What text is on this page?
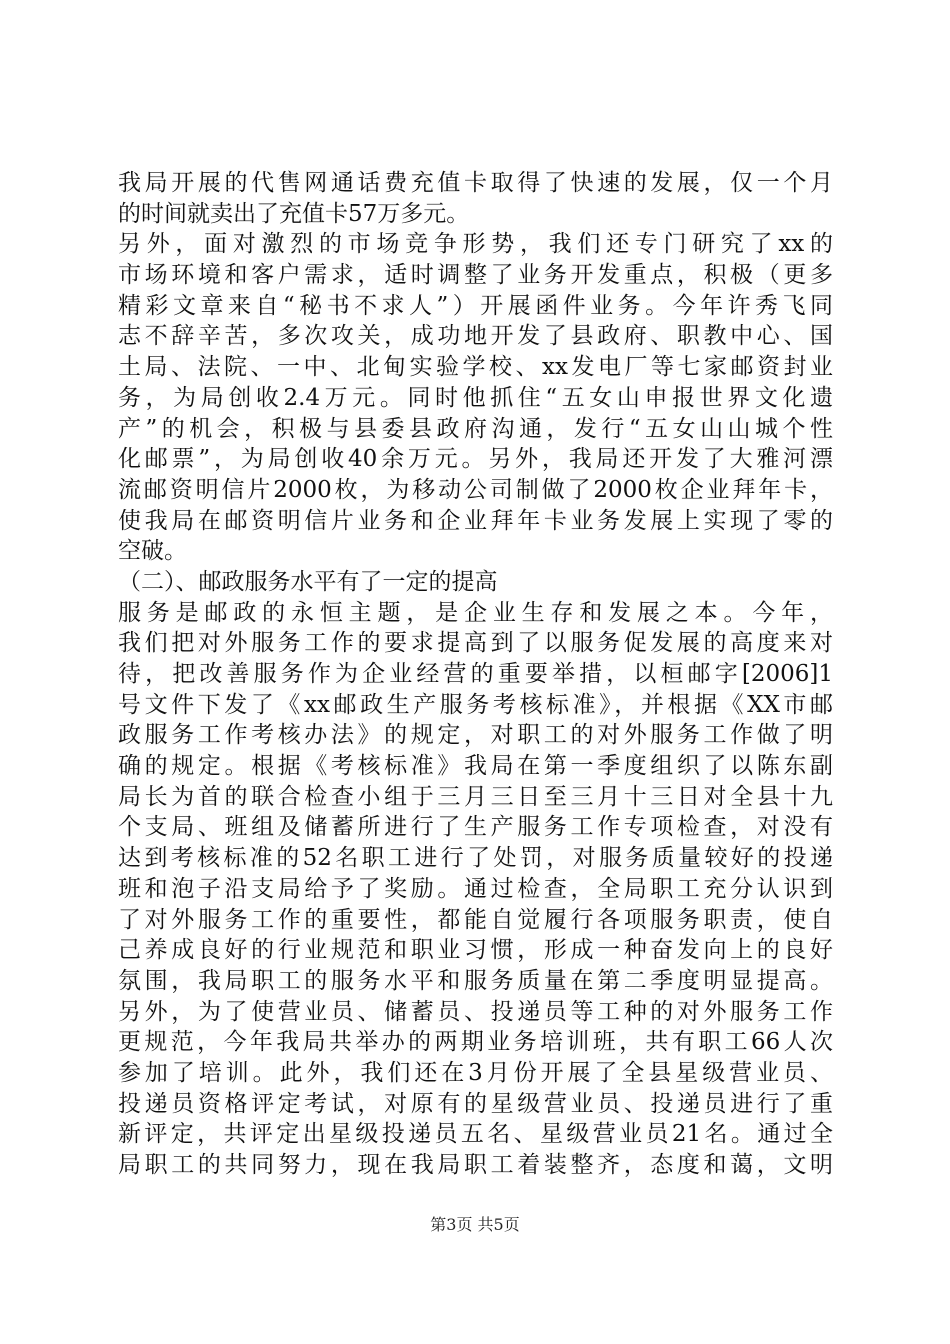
我局开展的代售网通话费充值卡取得了快速的发展，仅一个月
的时间就卖出了充值卡57万多元。
另外，面对激烈的市场竞争形势，我们还专门研究了xx的
市场环境和客户需求，适时调整了业务开发重点，积极（更多
精彩文章来自“秘书不求人”）开展函件业务。今年许秀飞同
志不辞辛苦，多次攻关，成功地开发了县政府、职教中心、国
土局、法院、一中、北甸实验学校、xx发电厂等七家邮资封业
务，为局创收2.4万元。同时他抓住“五女山申报世界文化遗
产”的机会，积极与县委县政府沟通，发行“五女山山城个性
化邮票”，为局创收40余万元。另外，我局还开发了大雅河漂
流邮资明信片2000枚，为移动公司制做了2000枚企业拜年卡，
使我局在邮资明信片业务和企业拜年卡业务发展上实现了零的
空破。
（二）、邮政服务水平有了一定的提高
服务是邮政的永恒主题，是企业生存和发展之本。今年，
我们把对外服务工作的要求提高到了以服务促发展的高度来对
待，把改善服务作为企业经营的重要举措，以桓邮字[2006]1
号文件下发了《xx邮政生产服务考核标准》，并根据《XX市邮
政服务工作考核办法》的规定，对职工的对外服务工作做了明
确的规定。根据《考核标准》我局在第一季度组织了以陈东副
局长为首的联合检查小组于三月三日至三月十三日对全县十九
个支局、班组及储蓄所进行了生产服务工作专项检查，对没有
达到考核标准的52名职工进行了处罚，对服务质量较好的投递
班和泡子沿支局给予了奖励。通过检查，全局职工充分认识到
了对外服务工作的重要性，都能自觉履行各项服务职责，使自
己养成良好的行业规范和职业习惯，形成一种奋发向上的良好
氛围，我局职工的服务水平和服务质量在第二季度明显提高。
另外，为了使营业员、储蓄员、投递员等工种的对外服务工作
更规范，今年我局共举办的两期业务培训班，共有职工66人次
参加了培训。此外，我们还在3月份开展了全县星级营业员、
投递员资格评定考试，对原有的星级营业员、投递员进行了重
新评定，共评定出星级投递员五名、星级营业员21名。通过全
局职工的共同努力，现在我局职工着装整齐，态度和蔼，文明
第3页 共5页
